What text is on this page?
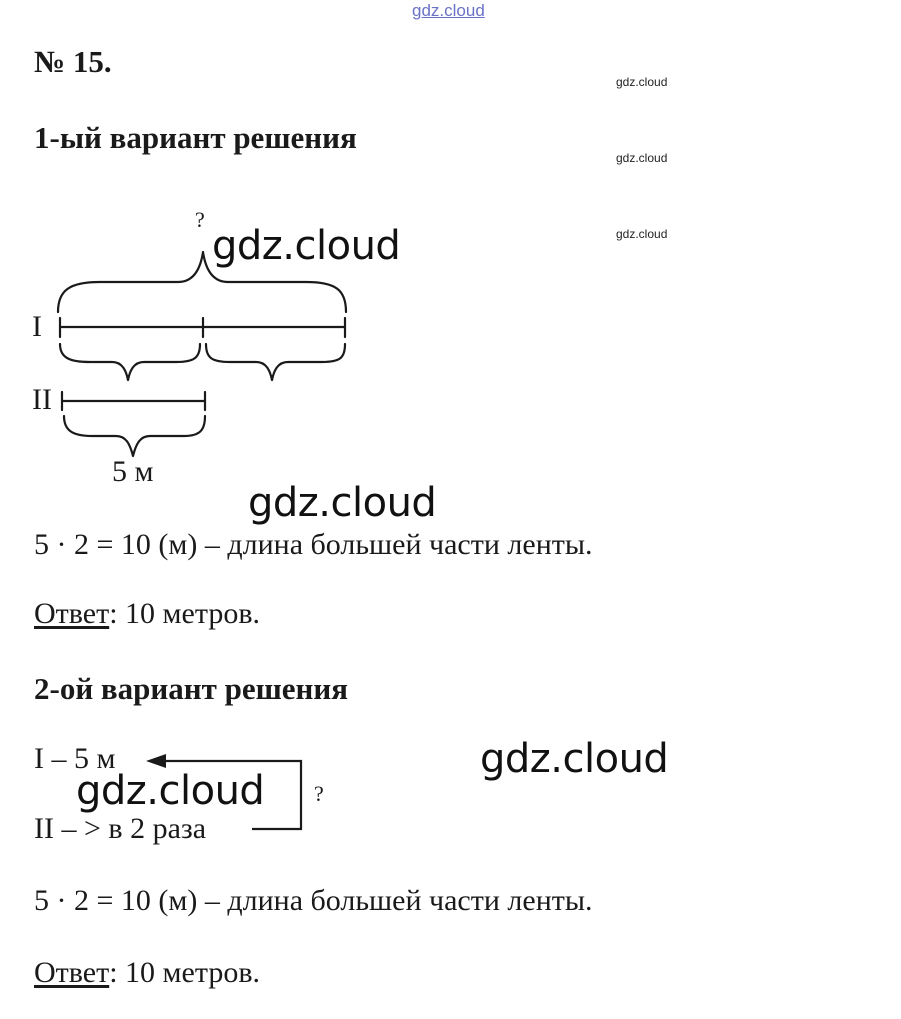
gdz.cloud
gdz.cloud
gdz.cloud
gdz.cloud
№ 15.
1-ый вариант решения
?
I
II
5 м
5 · 2 = 10 (м) – длина большей части ленты.
Ответ: 10 метров.
2-ой вариант решения
I – 5 м
II – > в 2 раза
?
5 · 2 = 10 (м) – длина большей части ленты.
Ответ: 10 метров.
gdz.cloud
gdz.cloud
gdz.cloud
gdz.cloud
